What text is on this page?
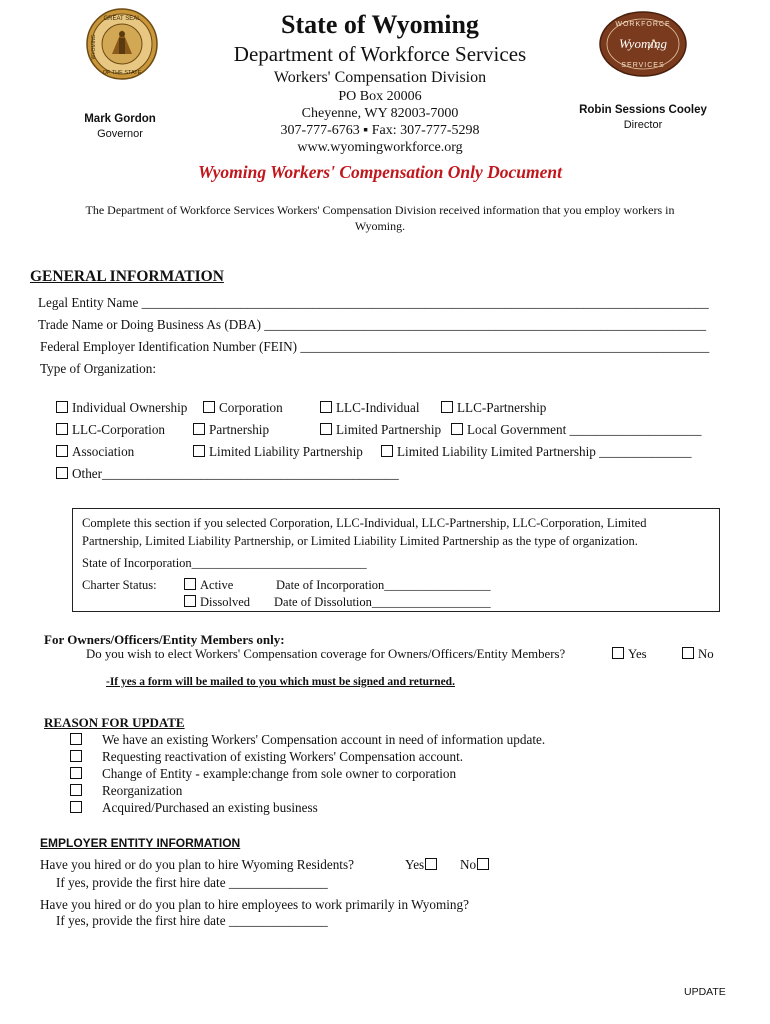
GREAT SEAL
OF THE STATE
WYOMING
WORKFORCE
Wyoming
SERVICES
State of Wyoming
Department of Workforce Services
Workers' Compensation Division
PO Box 20006
Cheyenne, WY 82003-7000
307-777-6763 ▪ Fax: 307-777-5298
www.wyomingworkforce.org
Mark Gordon
Governor
Robin Sessions Cooley
Director
Wyoming Workers' Compensation Only Document
The Department of Workforce Services Workers' Compensation Division received information that you employ workers in
Wyoming.
GENERAL INFORMATION
Legal Entity Name ______________________________________________________________________________________
Trade Name or Doing Business As (DBA) ___________________________________________________________________
Federal Employer Identification Number (FEIN) ______________________________________________________________
Type of Organization:
Individual Ownership	Corporation	LLC-Individual	LLC-Partnership
LLC-Corporation	Partnership	Limited Partnership	Local Government ____________________
Association	Limited Liability Partnership	Limited Liability Limited Partnership ______________
Other_____________________________________________
Complete this section if you selected Corporation, LLC-Individual, LLC-Partnership, LLC-Corporation, Limited
Partnership, Limited Liability Partnership, or Limited Liability Limited Partnership as the type of organization.
State of Incorporation____________________________
Charter Status:	Active	Date of Incorporation_________________
Dissolved Date of Dissolution___________________
For Owners/Officers/Entity Members only:
Do you wish to elect Workers' Compensation coverage for Owners/Officers/Entity Members?	Yes	No
-If yes a form will be mailed to you which must be signed and returned.
REASON FOR UPDATE
We have an existing Workers' Compensation account in need of information update.
Requesting reactivation of existing Workers' Compensation account.
Change of Entity - example:change from sole owner to corporation
Reorganization
Acquired/Purchased an existing business
EMPLOYER ENTITY INFORMATION
Have you hired or do you plan to hire Wyoming Residents?	Yes	No
If yes, provide the first hire date _______________
Have you hired or do you plan to hire employees to work primarily in Wyoming?
If yes, provide the first hire date _______________
UPDATE
